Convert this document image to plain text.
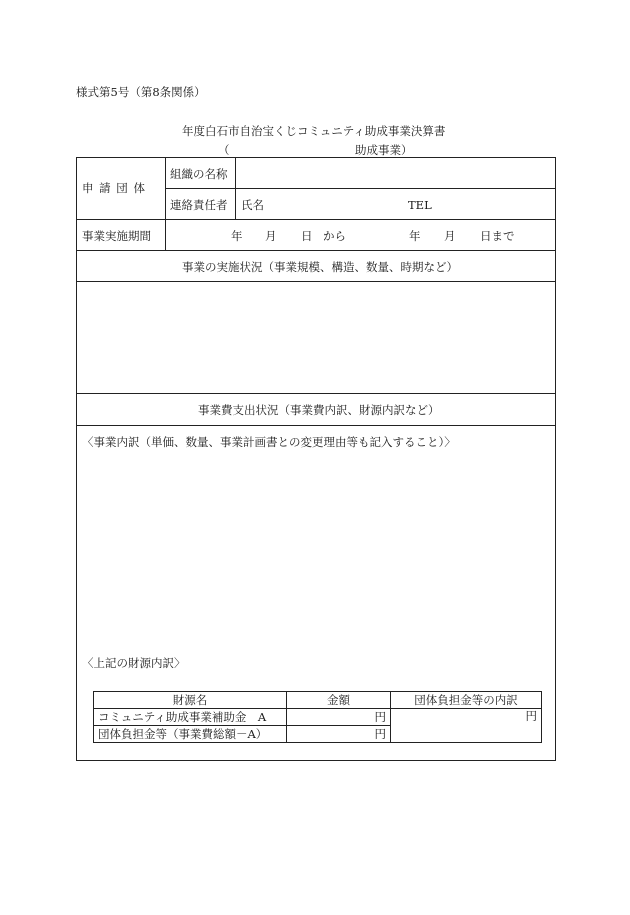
様式第5号（第8条関係）
年度白石市自治宝くじコミュニティ助成事業決算書
（	助成事業）
申 請 団 体
組織の名称
連絡責任者 氏名	TEL
事業実施期間	年 月 日 から	年 月 日まで
事業の実施状況（事業規模、構造、数量、時期など）
事業費支出状況（事業費内訳、財源内訳など）
〈事業内訳（単価、数量、事業計画書との変更理由等も記入すること）〉
〈上記の財源内訳〉
財源名	金額	団体負担金等の内訳
コミュニティ助成事業補助金　A	円	円
団体負担金等（事業費総額－A）	円	
